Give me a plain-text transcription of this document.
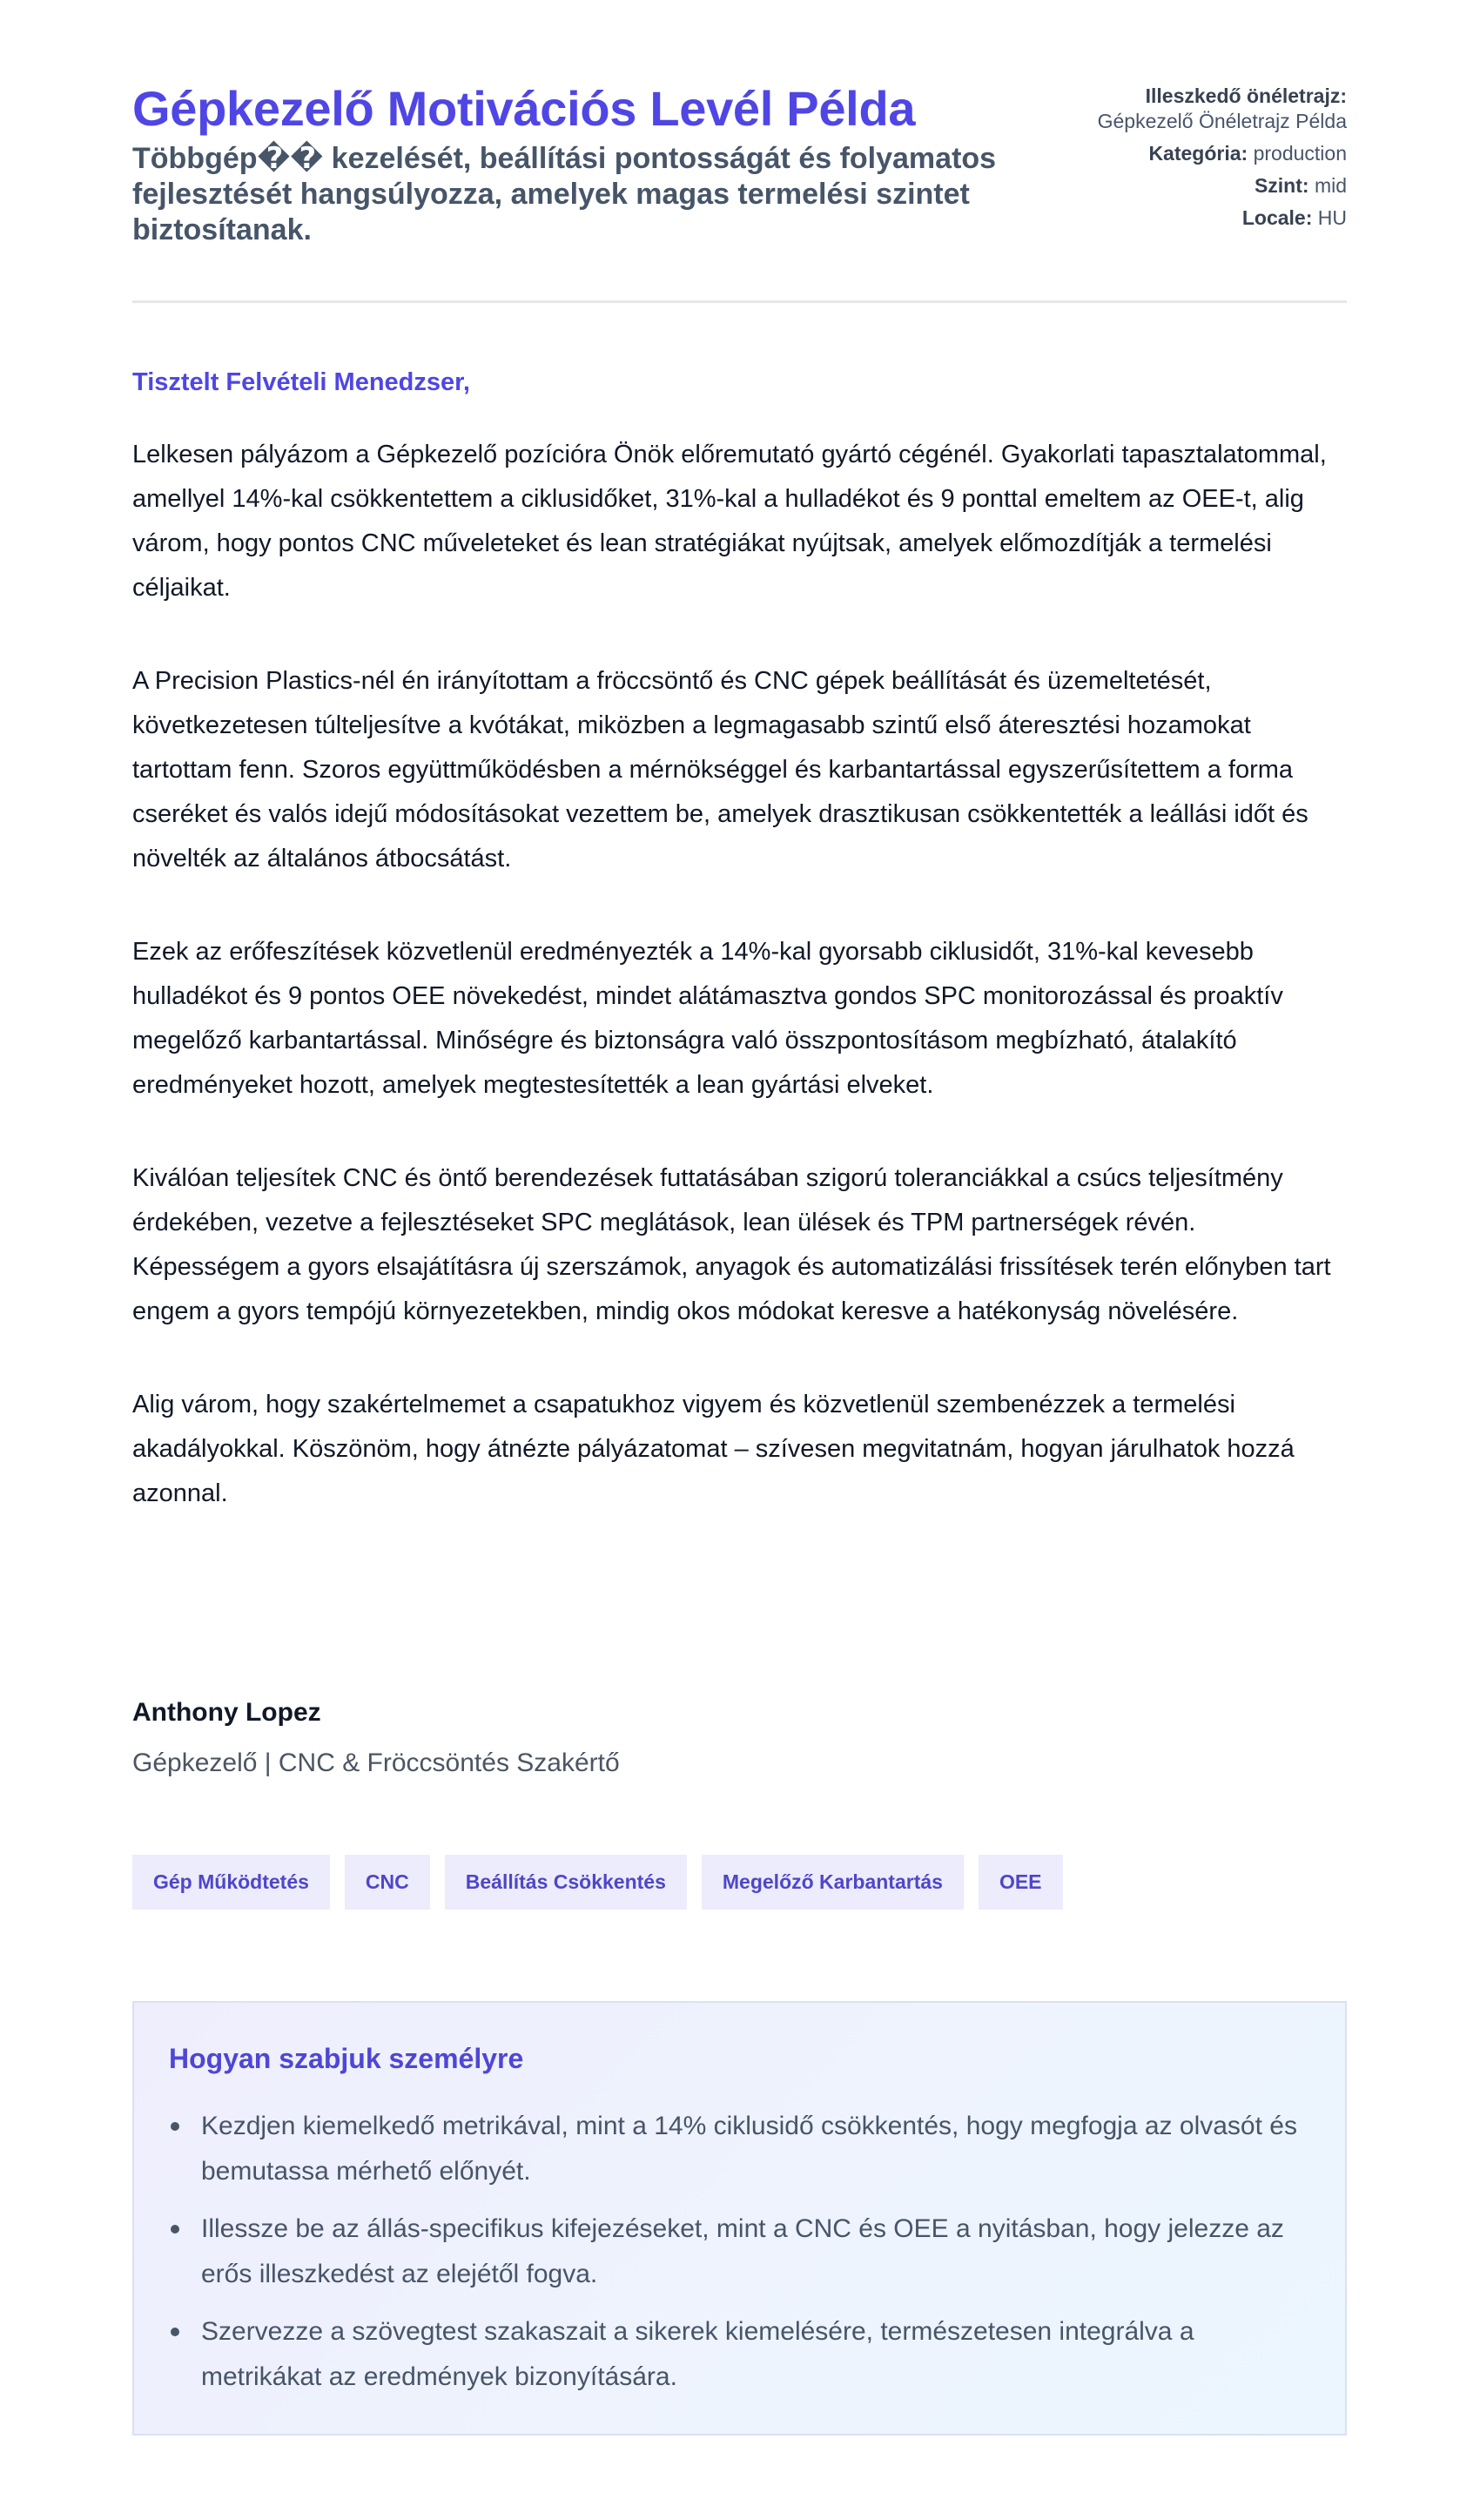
Gépkezelő Motivációs Levél Példa
Többgép�� kezelését, beállítási pontosságát és folyamatos fejlesztését hangsúlyozza, amelyek magas termelési szintet biztosítanak.
Illeszkedő önéletrajz:
Gépkezelő Önéletrajz Példa
Kategória: production
Szint: mid
Locale: HU
Tisztelt Felvételi Menedzser,

Lelkesen pályázom a Gépkezelő pozícióra Önök előremutató gyártó cégénél. Gyakorlati tapasztalatommal, amellyel 14%-kal csökkentettem a ciklusidőket, 31%-kal a hulladékot és 9 ponttal emeltem az OEE-t, alig várom, hogy pontos CNC műveleteket és lean stratégiákat nyújtsak, amelyek előmozdítják a termelési céljaikat.

A Precision Plastics-nél én irányítottam a fröccsöntő és CNC gépek beállítását és üzemeltetését, következetesen túlteljesítve a kvótákat, miközben a legmagasabb szintű első áteresztési hozamokat tartottam fenn. Szoros együttműködésben a mérnökséggel és karbantartással egyszerűsítettem a forma cseréket és valós idejű módosításokat vezettem be, amelyek drasztikusan csökkentették a leállási időt és növelték az általános átbocsátást.

Ezek az erőfeszítések közvetlenül eredményezték a 14%-kal gyorsabb ciklusidőt, 31%-kal kevesebb hulladékot és 9 pontos OEE növekedést, mindet alátámasztva gondos SPC monitorozással és proaktív megelőző karbantartással. Minőségre és biztonságra való összpontosításom megbízható, átalakító eredményeket hozott, amelyek megtestesítették a lean gyártási elveket.

Kiválóan teljesítek CNC és öntő berendezések futtatásában szigorú toleranciákkal a csúcs teljesítmény érdekében, vezetve a fejlesztéseket SPC meglátások, lean ülések és TPM partnerségek révén. Képességem a gyors elsajátításra új szerszámok, anyagok és automatizálási frissítések terén előnyben tart engem a gyors tempójú környezetekben, mindig okos módokat keresve a hatékonyság növelésére.

Alig várom, hogy szakértelmemet a csapatukhoz vigyem és közvetlenül szembenézzek a termelési akadályokkal. Köszönöm, hogy átnézte pályázatomat – szívesen megvitatnám, hogyan járulhatok hozzá azonnal.

Anthony Lopez
Gépkezelő | CNC & Fröccsöntés Szakértő
Gép Működtetés	CNC	Beállítás Csökkentés	Megelőző Karbantartás	OEE
Hogyan szabjuk személyre
Kezdjen kiemelkedő metrikával, mint a 14% ciklusidő csökkentés, hogy megfogja az olvasót és bemutassa mérhető előnyét.
Illessze be az állás-specifikus kifejezéseket, mint a CNC és OEE a nyitásban, hogy jelezze az erős illeszkedést az elejétől fogva.
Szervezze a szövegtest szakaszait a sikerek kiemelésére, természetesen integrálva a metrikákat az eredmények bizonyítására.
